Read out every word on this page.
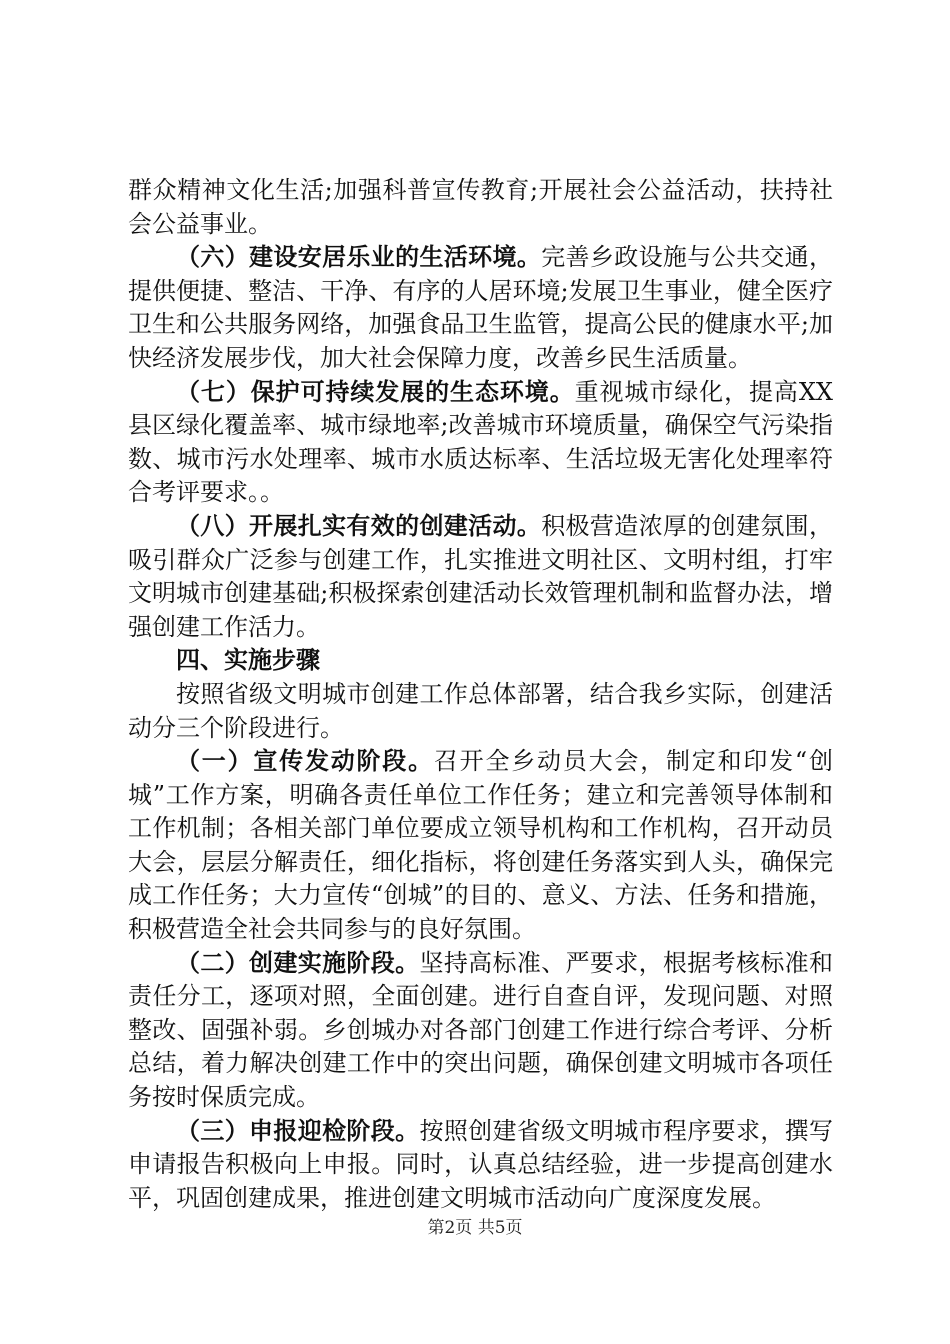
群众精神文化生活;加强科普宣传教育;开展社会公益活动，扶持社会公益事业。

（六）建设安居乐业的生活环境。完善乡政设施与公共交通，提供便捷、整洁、干净、有序的人居环境;发展卫生事业，健全医疗卫生和公共服务网络，加强食品卫生监管，提高公民的健康水平;加快经济发展步伐，加大社会保障力度，改善乡民生活质量。

（七）保护可持续发展的生态环境。重视城市绿化，提高XX县区绿化覆盖率、城市绿地率;改善城市环境质量，确保空气污染指数、城市污水处理率、城市水质达标率、生活垃圾无害化处理率符合考评要求。。

（八）开展扎实有效的创建活动。积极营造浓厚的创建氛围，吸引群众广泛参与创建工作，扎实推进文明社区、文明村组，打牢文明城市创建基础;积极探索创建活动长效管理机制和监督办法，增强创建工作活力。

四、实施步骤

按照省级文明城市创建工作总体部署，结合我乡实际，创建活动分三个阶段进行。

（一）宣传发动阶段。召开全乡动员大会，制定和印发“创城”工作方案，明确各责任单位工作任务；建立和完善领导体制和工作机制；各相关部门单位要成立领导机构和工作机构，召开动员大会，层层分解责任，细化指标，将创建任务落实到人头，确保完成工作任务；大力宣传“创城”的目的、意义、方法、任务和措施，积极营造全社会共同参与的良好氛围。

（二）创建实施阶段。坚持高标准、严要求，根据考核标准和责任分工，逐项对照，全面创建。进行自查自评，发现问题、对照整改、固强补弱。乡创城办对各部门创建工作进行综合考评、分析总结，着力解决创建工作中的突出问题，确保创建文明城市各项任务按时保质完成。

（三）申报迎检阶段。按照创建省级文明城市程序要求，撰写申请报告积极向上申报。同时，认真总结经验，进一步提高创建水平，巩固创建成果，推进创建文明城市活动向广度深度发展。

第2页 共5页
